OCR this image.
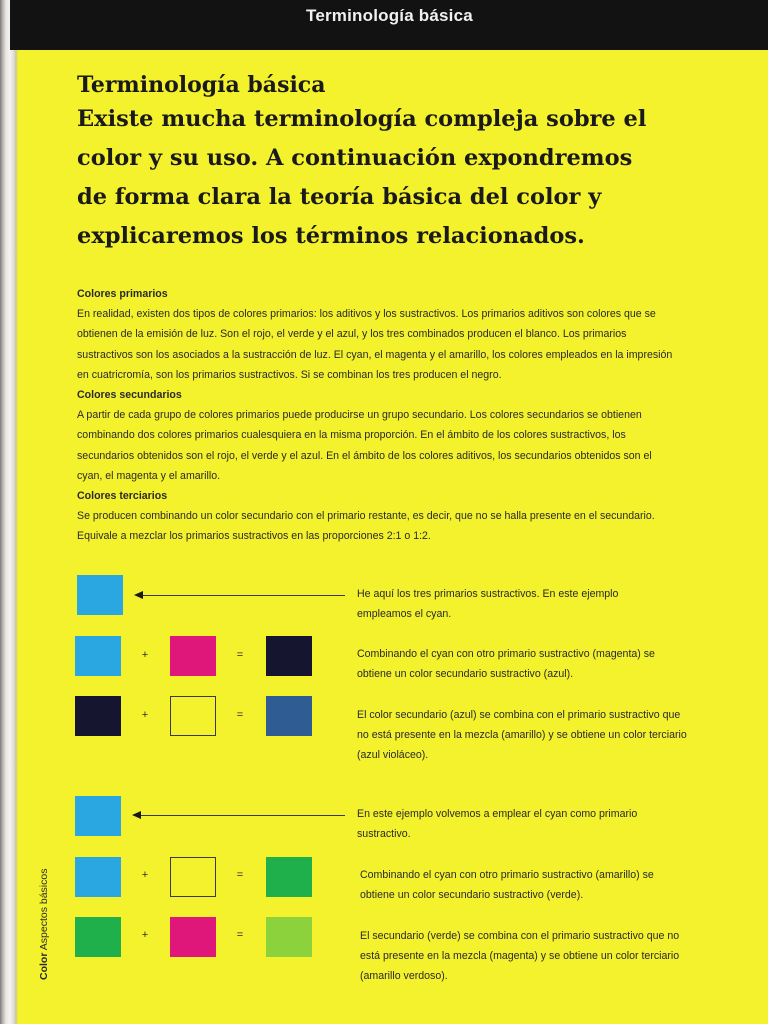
Terminología básica
Terminología básica
Existe mucha terminología compleja sobre el
color y su uso. A continuación expondremos
de forma clara la teoría básica del color y
explicaremos los términos relacionados.
Colores primarios
En realidad, existen dos tipos de colores primarios: los aditivos y los sustractivos. Los primarios aditivos son colores que se
obtienen de la emisión de luz. Son el rojo, el verde y el azul, y los tres combinados producen el blanco. Los primarios
sustractivos son los asociados a la sustracción de luz. El cyan, el magenta y el amarillo, los colores empleados en la impresión
en cuatricromía, son los primarios sustractivos. Si se combinan los tres producen el negro.
Colores secundarios
A partir de cada grupo de colores primarios puede producirse un grupo secundario. Los colores secundarios se obtienen
combinando dos colores primarios cualesquiera en la misma proporción. En el ámbito de los colores sustractivos, los
secundarios obtenidos son el rojo, el verde y el azul. En el ámbito de los colores aditivos, los secundarios obtenidos son el
cyan, el magenta y el amarillo.
Colores terciarios
Se producen combinando un color secundario con el primario restante, es decir, que no se halla presente en el secundario.
Equivale a mezclar los primarios sustractivos en las proporciones 2:1 o 1:2.
He aquí los tres primarios sustractivos. En este ejemplo
empleamos el cyan.
+	=	Combinando el cyan con otro primario sustractivo (magenta) se
obtiene un color secundario sustractivo (azul).
+	=	El color secundario (azul) se combina con el primario sustractivo que
no está presente en la mezcla (amarillo) y se obtiene un color terciario
(azul violáceo).
En este ejemplo volvemos a emplear el cyan como primario
sustractivo.
+	=	Combinando el cyan con otro primario sustractivo (amarillo) se
obtiene un color secundario sustractivo (verde).
+	=	El secundario (verde) se combina con el primario sustractivo que no
está presente en la mezcla (magenta) y se obtiene un color terciario
(amarillo verdoso).
Color Aspectos básicos
